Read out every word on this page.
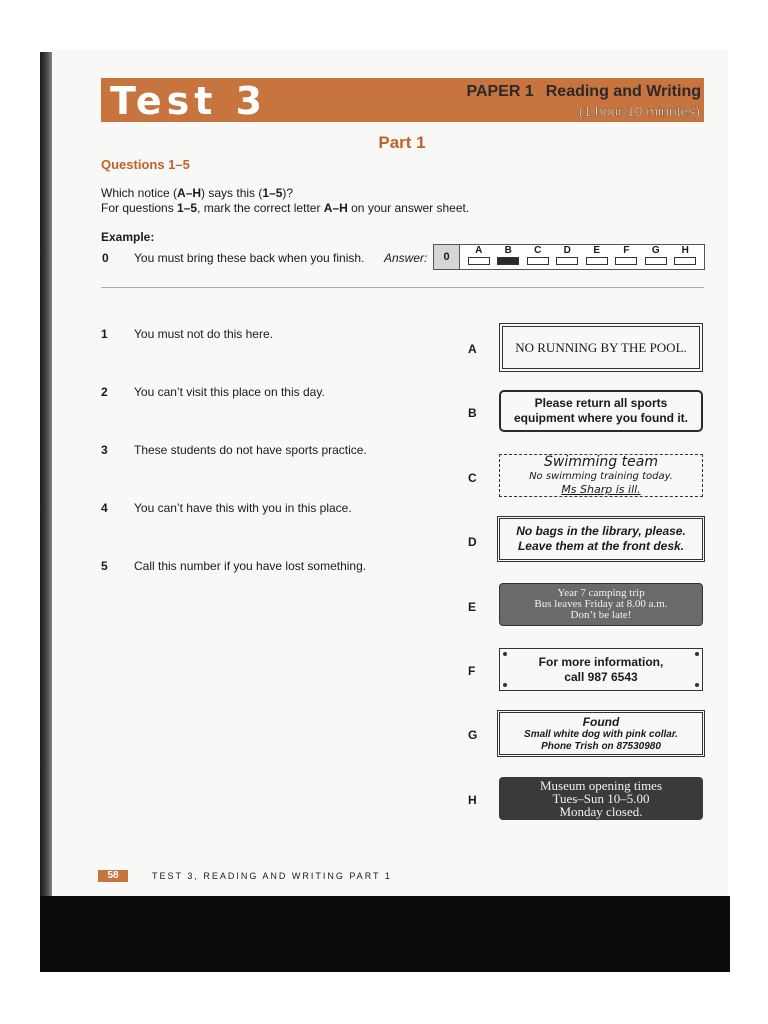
Test 3	PAPER 1 Reading and Writing
(1 hour 10 minutes)
Part 1
Questions 1–5
Which notice (A–H) says this (1–5)?
For questions 1–5, mark the correct letter A–H on your answer sheet.
Example:
0 You must bring these back when you finish. Answer:	0
A B C D E F G H
1 You must not do this here.
2 You can’t visit this place on this day.
3 These students do not have sports practice.
4 You can’t have this with you in this place.
5 Call this number if you have lost something.
A	NO RUNNING BY THE POOL.
B
Please return all sports
equipment where you found it.
C
Swimming team
No swimming training today.
Ms Sharp is ill.
D
No bags in the library, please.
Leave them at the front desk.
E
Year 7 camping trip
Bus leaves Friday at 8.00 a.m.
Don’t be late!
F
For more information,
call 987 6543
G
Found
Small white dog with pink collar.
Phone Trish on 87530980
H
Museum opening times
Tues–Sun 10–5.00
Monday closed.
58	TEST 3, READING AND WRITING PART 1
